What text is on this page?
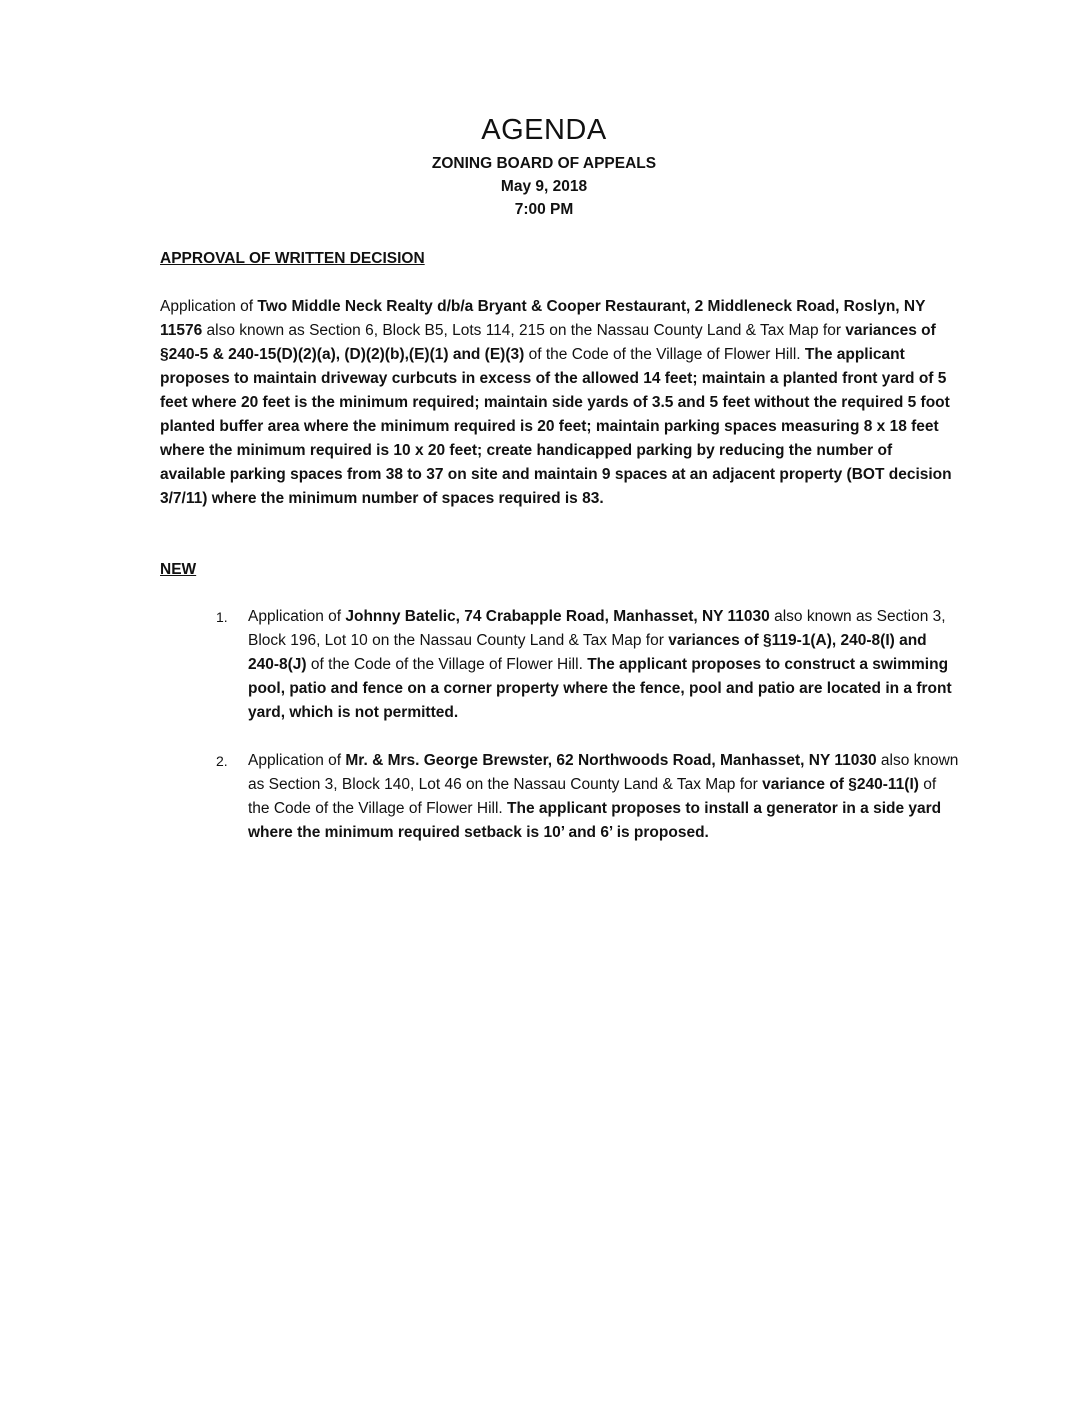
AGENDA
ZONING BOARD OF APPEALS
May 9, 2018
7:00 PM
APPROVAL OF WRITTEN DECISION

Application of Two Middle Neck Realty d/b/a Bryant & Cooper Restaurant, 2 Middleneck Road, Roslyn, NY 11576 also known as Section 6, Block B5, Lots 114, 215 on the Nassau County Land & Tax Map for variances of §240-5 & 240-15(D)(2)(a), (D)(2)(b),(E)(1) and (E)(3) of the Code of the Village of Flower Hill. The applicant proposes to maintain driveway curbcuts in excess of the allowed 14 feet; maintain a planted front yard of 5 feet where 20 feet is the minimum required; maintain side yards of 3.5 and 5 feet without the required 5 foot planted buffer area where the minimum required is 20 feet; maintain parking spaces measuring 8 x 18 feet where the minimum required is 10 x 20 feet; create handicapped parking by reducing the number of available parking spaces from 38 to 37 on site and maintain 9 spaces at an adjacent property (BOT decision 3/7/11) where the minimum number of spaces required is 83.

NEW
1. Application of Johnny Batelic, 74 Crabapple Road, Manhasset, NY 11030 also known as Section 3, Block 196, Lot 10 on the Nassau County Land & Tax Map for variances of §119-1(A), 240-8(I) and 240-8(J) of the Code of the Village of Flower Hill. The applicant proposes to construct a swimming pool, patio and fence on a corner property where the fence, pool and patio are located in a front yard, which is not permitted.
2. Application of Mr. & Mrs. George Brewster, 62 Northwoods Road, Manhasset, NY 11030 also known as Section 3, Block 140, Lot 46 on the Nassau County Land & Tax Map for variance of §240-11(I) of the Code of the Village of Flower Hill. The applicant proposes to install a generator in a side yard where the minimum required setback is 10’ and 6’ is proposed.
